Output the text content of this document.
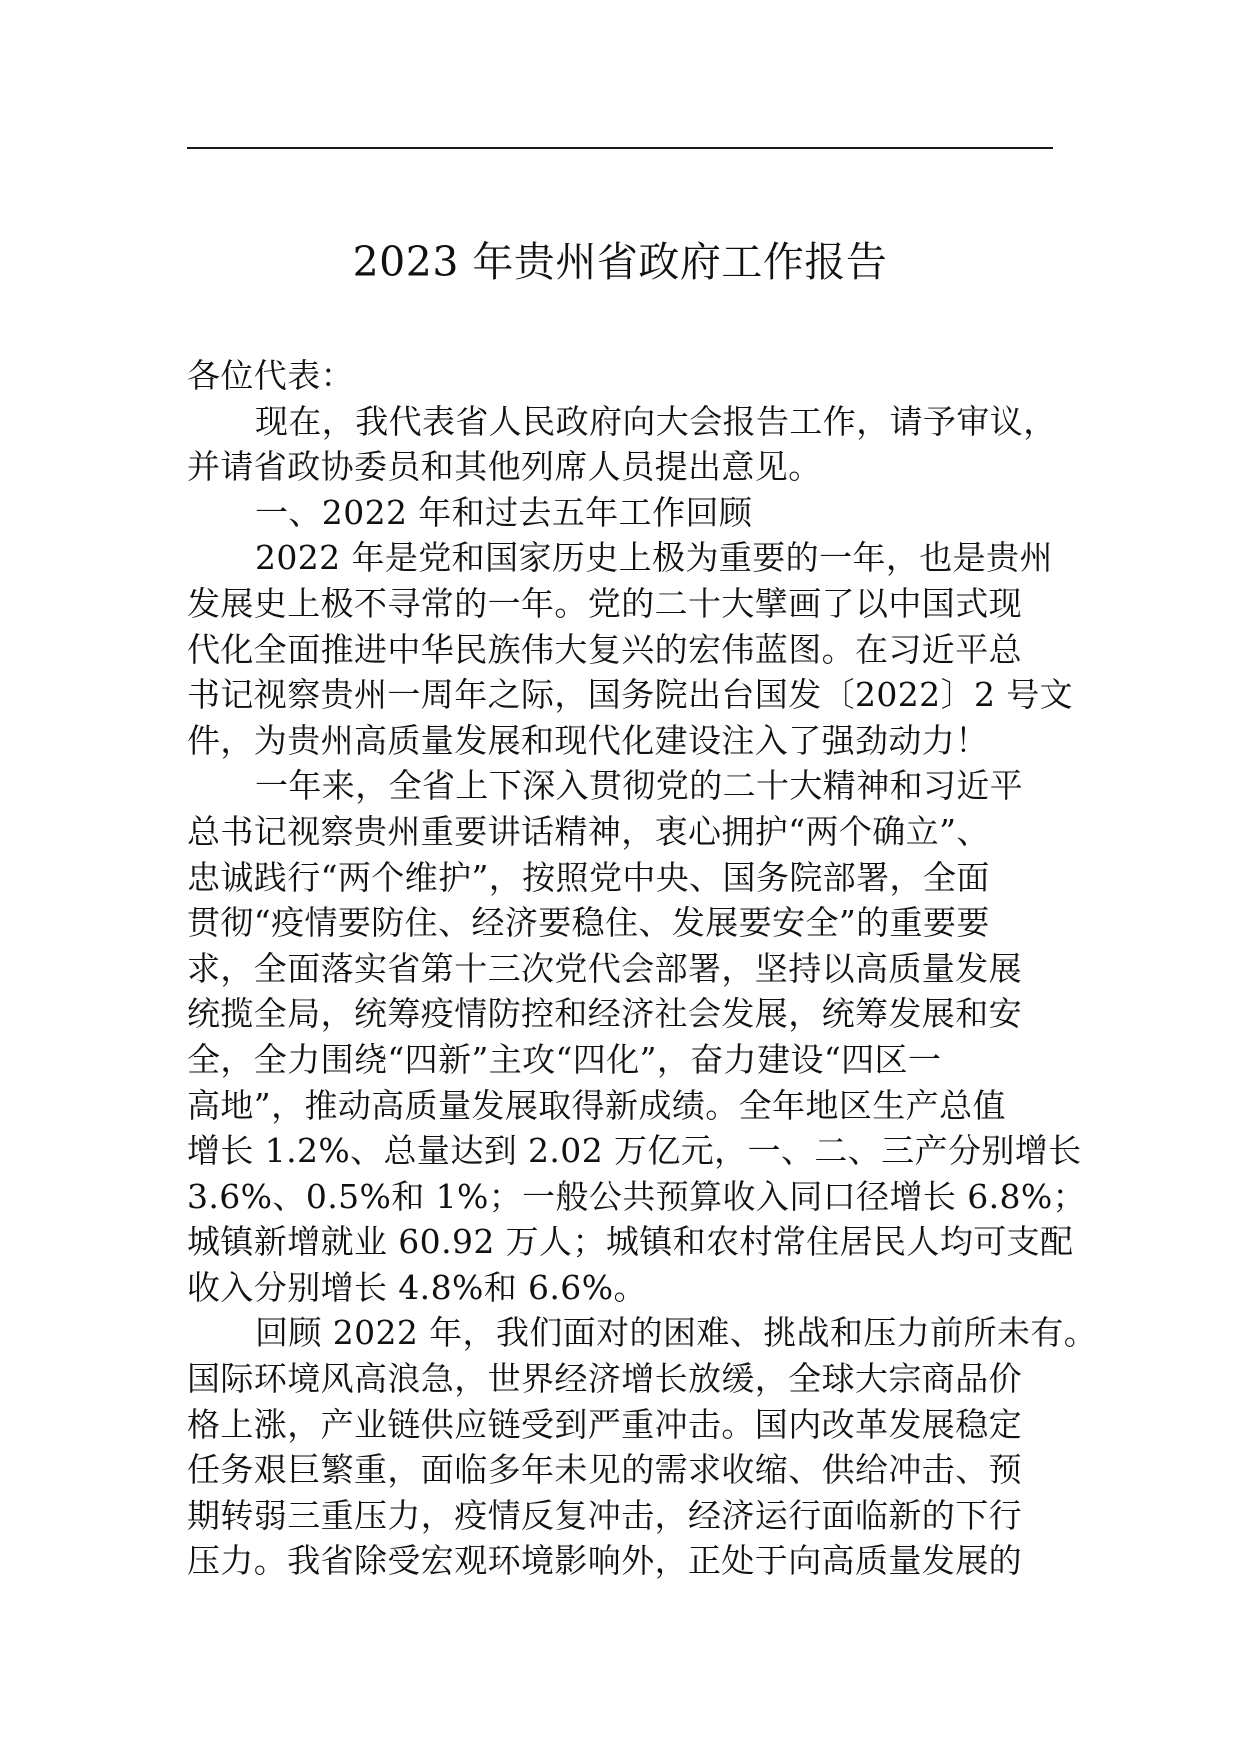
2023 年贵州省政府工作报告
各位代表：
现在，我代表省人民政府向大会报告工作，请予审议，
并请省政协委员和其他列席人员提出意见。
一、2022 年和过去五年工作回顾
2022 年是党和国家历史上极为重要的一年，也是贵州
发展史上极不寻常的一年。党的二十大擘画了以中国式现
代化全面推进中华民族伟大复兴的宏伟蓝图。在习近平总
书记视察贵州一周年之际，国务院出台国发〔2022〕2 号文
件，为贵州高质量发展和现代化建设注入了强劲动力！
一年来，全省上下深入贯彻党的二十大精神和习近平
总书记视察贵州重要讲话精神，衷心拥护“两个确立”、
忠诚践行“两个维护”，按照党中央、国务院部署，全面
贯彻“疫情要防住、经济要稳住、发展要安全”的重要要
求，全面落实省第十三次党代会部署，坚持以高质量发展
统揽全局，统筹疫情防控和经济社会发展，统筹发展和安
全，全力围绕“四新”主攻“四化”，奋力建设“四区一
高地”，推动高质量发展取得新成绩。全年地区生产总值
增长 1.2%、总量达到 2.02 万亿元，一、二、三产分别增长
3.6%、0.5%和 1%；一般公共预算收入同口径增长 6.8%；
城镇新增就业 60.92 万人；城镇和农村常住居民人均可支配
收入分别增长 4.8%和 6.6%。
回顾 2022 年，我们面对的困难、挑战和压力前所未有。
国际环境风高浪急，世界经济增长放缓，全球大宗商品价
格上涨，产业链供应链受到严重冲击。国内改革发展稳定
任务艰巨繁重，面临多年未见的需求收缩、供给冲击、预
期转弱三重压力，疫情反复冲击，经济运行面临新的下行
压力。我省除受宏观环境影响外，正处于向高质量发展的
